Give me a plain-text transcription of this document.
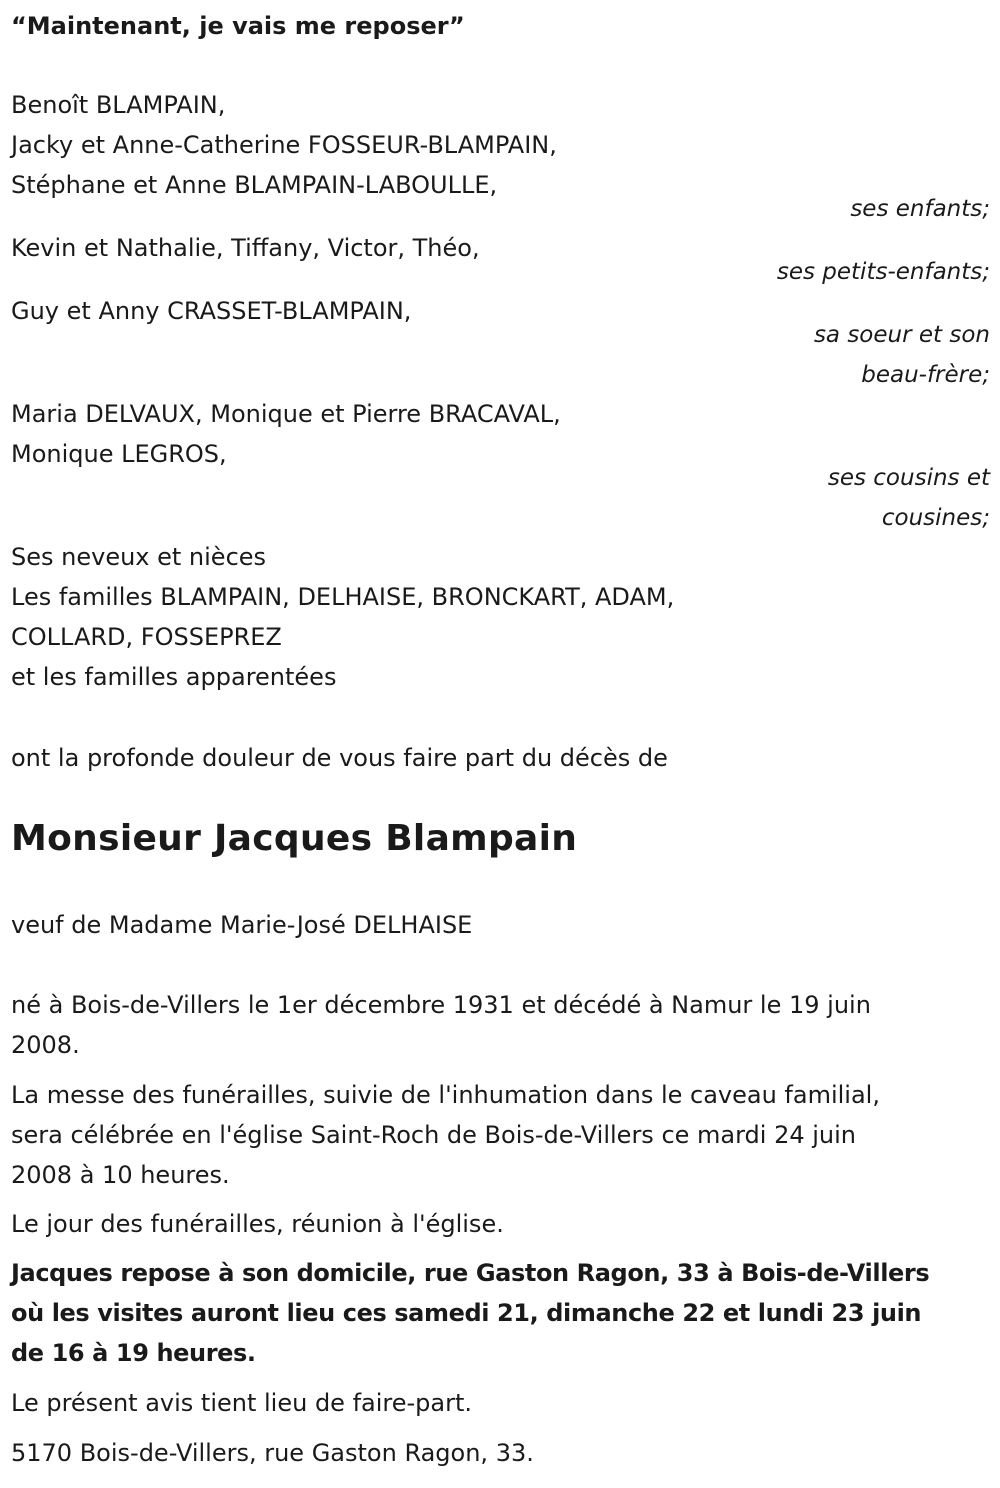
“Maintenant, je vais me reposer”
Benoît BLAMPAIN,
Jacky et Anne-Catherine FOSSEUR-BLAMPAIN,
Stéphane et Anne BLAMPAIN-LABOULLE,
ses enfants;
Kevin et Nathalie, Tiffany, Victor, Théo,
ses petits-enfants;
Guy et Anny CRASSET-BLAMPAIN,
sa soeur et son
beau-frère;
Maria DELVAUX, Monique et Pierre BRACAVAL,
Monique LEGROS,
ses cousins et
cousines;
Ses neveux et nièces
Les familles BLAMPAIN, DELHAISE, BRONCKART, ADAM,
COLLARD, FOSSEPREZ
et les familles apparentées
ont la profonde douleur de vous faire part du décès de
Monsieur Jacques Blampain
veuf de Madame Marie-José DELHAISE
né à Bois-de-Villers le 1er décembre 1931 et décédé à Namur le 19 juin
2008.
La messe des funérailles, suivie de l'inhumation dans le caveau familial,
sera célébrée en l'église Saint-Roch de Bois-de-Villers ce mardi 24 juin
2008 à 10 heures.
Le jour des funérailles, réunion à l'église.
Jacques repose à son domicile, rue Gaston Ragon, 33 à Bois-de-Villers
où les visites auront lieu ces samedi 21, dimanche 22 et lundi 23 juin
de 16 à 19 heures.
Le présent avis tient lieu de faire-part.
5170 Bois-de-Villers, rue Gaston Ragon, 33.
